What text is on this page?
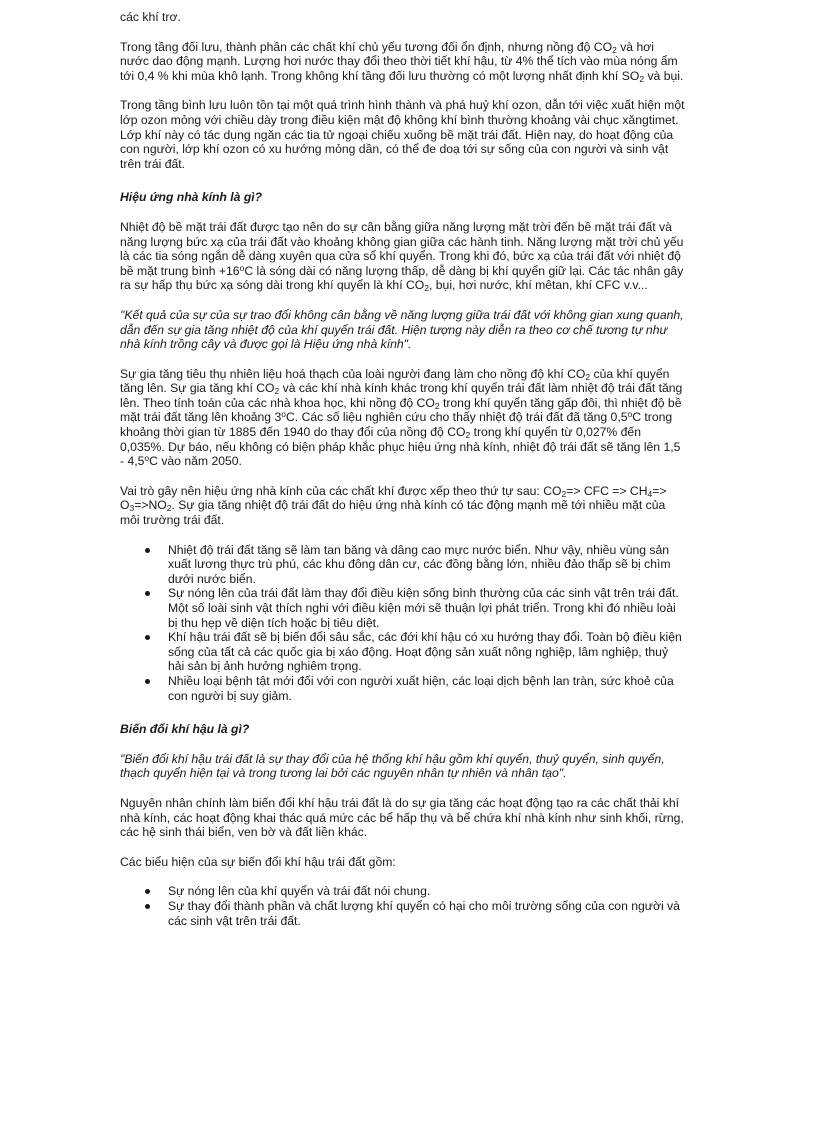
các khí trơ.

Trong tầng đối lưu, thành phần các chất khí chủ yếu tương đối ổn định, nhưng nồng độ $CO_2$ và hơi nước dao động mạnh. Lượng hơi nước thay đổi theo thời tiết khí hậu, từ 4% thể tích vào mùa nóng ẩm tới 0,4 % khi mùa khô lạnh. Trong không khí tầng đối lưu thường có một lượng nhất định khí $SO_2$ và bụi.

Trong tầng bình lưu luôn tồn tại một quá trình hình thành và phá huỷ khí ozon, dẫn tới việc xuất hiện một lớp ozon mỏng với chiều dày trong điều kiện mật độ không khí bình thường khoảng vài chục xăngtimet. Lớp khí này có tác dụng ngăn các tia tử ngoại chiếu xuống bề mặt trái đất. Hiện nay, do hoạt động của con người, lớp khí ozon có xu hướng mỏng dần, có thể đe doạ tới sự sống của con người và sinh vật trên trái đất.

Hiệu ứng nhà kính là gì?

Nhiệt độ bề mặt trái đất được tạo nên do sự cân bằng giữa năng lượng mặt trời đến bề mặt trái đất và năng lượng bức xạ của trái đất vào khoảng không gian giữa các hành tinh. Năng lượng mặt trời chủ yếu là các tia sóng ngắn dễ dàng xuyên qua cửa sổ khí quyển. Trong khi đó, bức xạ của trái đất với nhiệt độ bề mặt trung bình $+16^oC$ là sóng dài có năng lượng thấp, dễ dàng bị khí quyển giữ lại. Các tác nhân gây ra sự hấp thụ bức xạ sóng dài trong khí quyển là khí $CO_2$, bụi, hơi nước, khí mêtan, khí CFC v.v...

"Kết quả của sự của sự trao đổi không cân bằng về năng lượng giữa trái đất với không gian xung quanh, dẫn đến sự gia tăng nhiệt độ của khí quyển trái đất. Hiện tượng này diễn ra theo cơ chế tương tự như nhà kính trồng cây và được gọi là Hiệu ứng nhà kính".

Sự gia tăng tiêu thụ nhiên liệu hoá thạch của loài người đang làm cho nồng độ khí $CO_2$ của khí quyển tăng lên. Sự gia tăng khí $CO_2$ và các khí nhà kính khác trong khí quyển trái đất làm nhiệt độ trái đất tăng lên. Theo tính toán của các nhà khoa học, khi nồng độ $CO_2$ trong khí quyển tăng gấp đôi, thì nhiệt độ bề mặt trái đất tăng lên khoảng 3$^o$C. Các số liệu nghiên cứu cho thấy nhiệt độ trái đất đã tăng 0,5$^o$C trong khoảng thời gian từ 1885 đến 1940 do thay đổi của nồng độ $CO_2$ trong khí quyển từ 0,027% đến 0,035%. Dự báo, nếu không có biện pháp khắc phục hiệu ứng nhà kính, nhiệt độ trái đất sẽ tăng lên 1,5 - 4,5$^o$C vào năm 2050.

Vai trò gây nên hiệu ứng nhà kính của các chất khí được xếp theo thứ tự sau: $CO_2=>$ CFC => $CH_4=> O_3=>NO_2$. Sự gia tăng nhiệt độ trái đất do hiệu ứng nhà kính có tác động mạnh mẽ tới nhiều mặt của môi trường trái đất.

Nhiệt độ trái đất tăng sẽ làm tan băng và dâng cao mực nước biển. Như vậy, nhiều vùng sản xuất lương thực trù phú, các khu đông dân cư, các đồng bằng lớn, nhiều đảo thấp sẽ bị chìm dưới nước biển.
Sự nóng lên của trái đất làm thay đổi điều kiện sống bình thường của các sinh vật trên trái đất. Một số loài sinh vật thích nghi với điều kiện mới sẽ thuận lợi phát triển. Trong khi đó nhiều loài bị thu hẹp về diện tích hoặc bị tiêu diệt.
Khí hậu trái đất sẽ bị biến đổi sâu sắc, các đới khí hậu có xu hướng thay đổi. Toàn bộ điều kiện sống của tất cả các quốc gia bị xáo động. Hoạt động sản xuất nông nghiệp, lâm nghiệp, thuỷ hải sản bị ảnh hưởng nghiêm trọng.
Nhiều loại bệnh tật mới đối với con người xuất hiện, các loại dịch bệnh lan tràn, sức khoẻ của con người bị suy giảm.

Biến đổi khí hậu là gì?

"Biến đổi khí hậu trái đất là sự thay đổi của hệ thống khí hậu gồm khí quyển, thuỷ quyển, sinh quyển, thạch quyển hiện tại và trong tương lai bởi các nguyên nhân tự nhiên và nhân tạo".

Nguyên nhân chính làm biến đổi khí hậu trái đất là do sự gia tăng các hoạt động tạo ra các chất thải khí nhà kính, các hoạt động khai thác quá mức các bể hấp thụ và bể chứa khí nhà kính như sinh khối, rừng, các hệ sinh thái biển, ven bờ và đất liền khác.

Các biểu hiện của sự biến đổi khí hậu trái đất gồm:

Sự nóng lên của khí quyển và trái đất nói chung.
Sự thay đổi thành phần và chất lượng khí quyển có hại cho môi trường sống của con người và các sinh vật trên trái đất.
